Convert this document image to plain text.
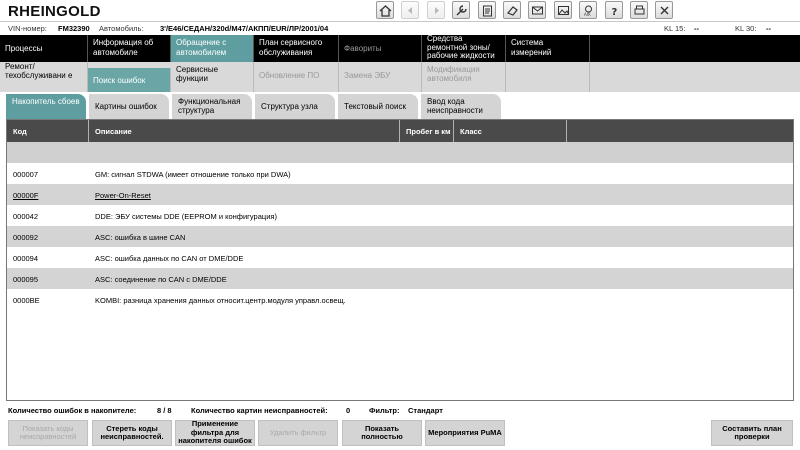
RHEINGOLD	AIR ?
VIN-номер: FM32390 Автомобиль: 3'/E46/СЕДАН/320d/M47/АКПП/EUR/ЛР/2001/04	KL 15: --	KL 30: --
Процессы
Информация об автомобиле
Обращение с автомобилем
План сервисного обслуживания	Фавориты
Средства ремонтной зоны/ рабочие жидкости
Система измерений
Ремонт/ техобслуживани е
Поиск ошибок
Сервисные функции	Обновление ПО	Замена ЭБУ
Модификация автомобиля
Накопитель сбоев
Картины ошибок
Функциональная структура	Структура узла	Текстовый поиск
Ввод кода неисправности
Код	Описание	Пробег в км	Класс
000007	GM: сигнал STDWA (имеет отношение только при DWA)
00000F	Power-On-Reset
000042	DDE: ЭБУ системы DDE (EEPROM и конфигурация)
000092	ASC: ошибка в шине CAN
000094	ASC: ошибка данных по CAN от DME/DDE
000095	ASC: соединение по CAN с DME/DDE
0000BE	KOMBI: разница хранения данных относит.центр.модуля управл.освещ.
Количество ошибок в накопителе:	8 / 8	Количество картин неисправностей: 0	Фильтр: Стандарт
Показать коды неисправностей
Стереть коды неисправностей.
Применение фильтра для накопителя ошибок
Удалить фильтр	Показать полностью	Мероприятия PuMA	Составить план проверки
